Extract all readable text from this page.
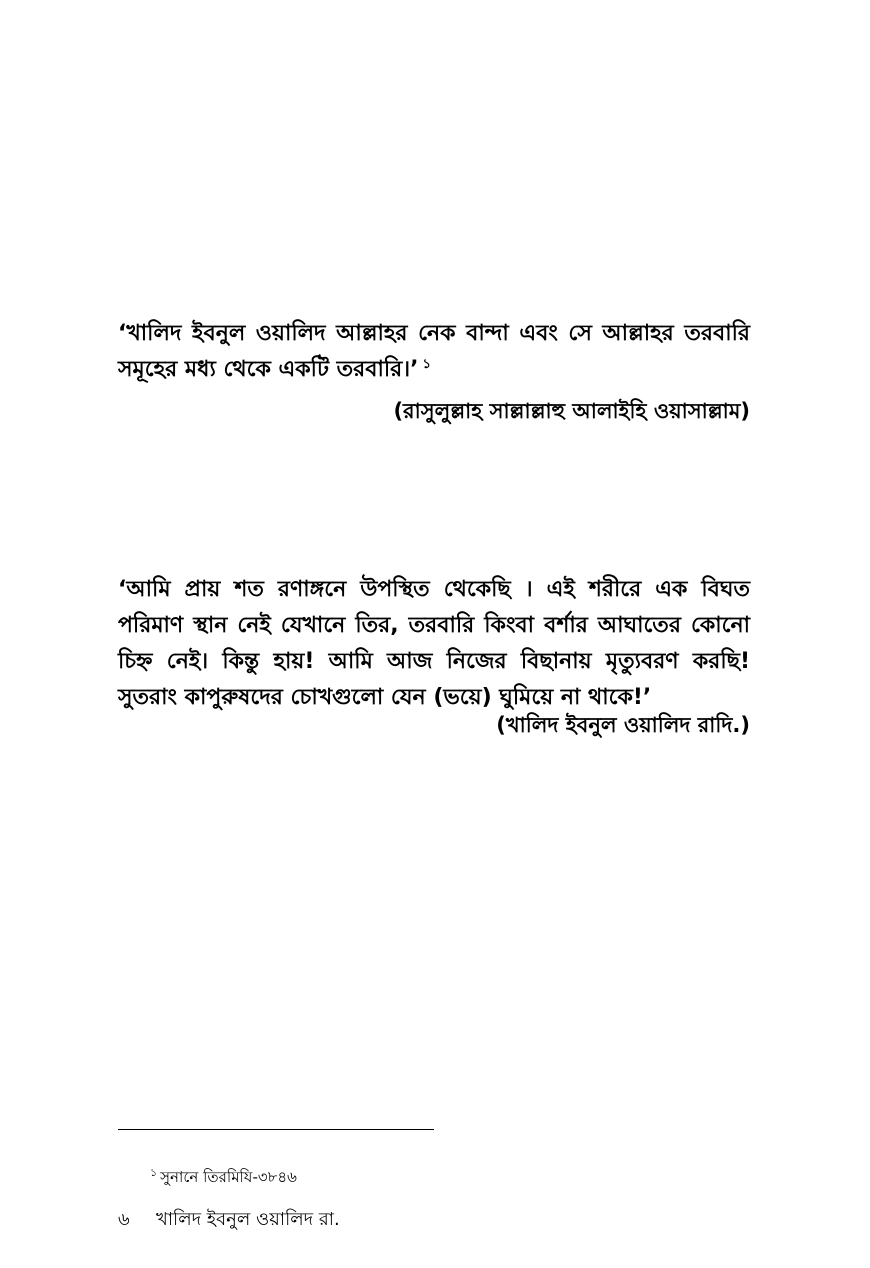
‘খালিদ ইবনুল ওয়ালিদ আল্লাহর নেক বান্দা এবং সে আল্লাহর তরবারি সমূহের মধ্য থেকে একটি তরবারি।’ $^১$

(রাসুলুল্লাহ সাল্লাল্লাহু আলাইহি ওয়াসাল্লাম)

‘আমি প্রায় শত রণাঙ্গনে উপস্থিত থেকেছি । এই শরীরে এক বিঘত পরিমাণ স্থান নেই যেখানে তির, তরবারি কিংবা বর্শার আঘাতের কোনো চিহ্ন নেই। কিন্তু হায়! আমি আজ নিজের বিছানায় মৃত্যুবরণ করছি! সুতরাং কাপুরুষদের চোখগুলো যেন (ভয়ে) ঘুমিয়ে না থাকে!’

(খালিদ ইবনুল ওয়ালিদ রাদি.)

$^১$ সুনানে তিরমিযি-৩৮৪৬
৬ খালিদ ইবনুল ওয়ালিদ রা.
